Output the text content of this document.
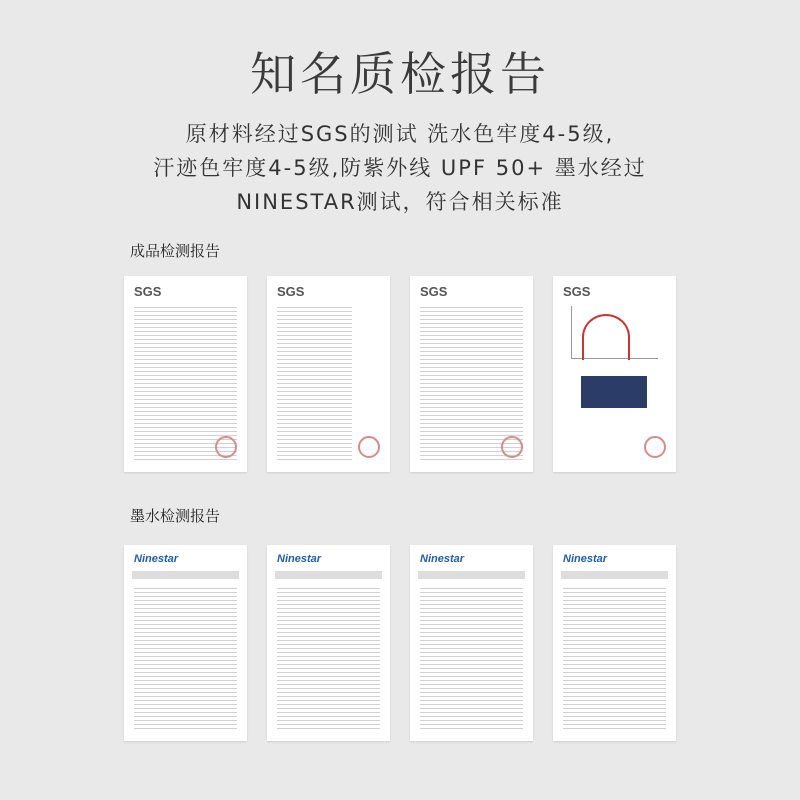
知名质检报告
原材料经过SGS的测试 洗水色牢度4-5级,
汗迹色牢度4-5级,防紫外线 UPF 50+ 墨水经过
NINESTAR测试，符合相关标准
成品检测报告
SGS	SGS	SGS	SGS
墨水检测报告
Ninestar	Ninestar	Ninestar	Ninestar
